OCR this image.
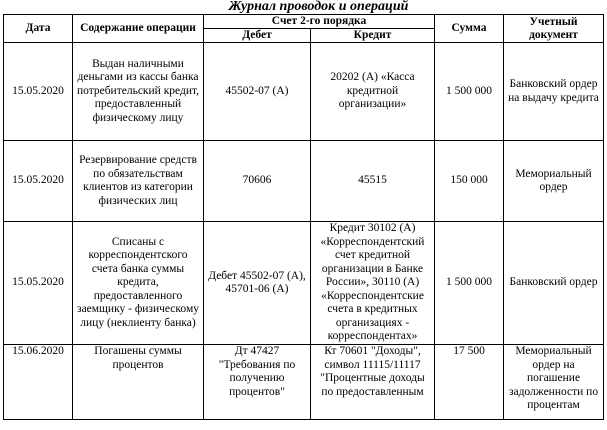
Журнал проводок и операций
Дата	Содержание операции	Счет 2-го порядка		Сумма	Учетный документ
		Дебет	Кредит		
15.05.2020	Выдан наличными деньгами из кассы банка потребительский кредит, предоставленный физическому лицу	45502-07 (А)	20202 (А) «Касса кредитной организации»	1 500 000	Банковский ордер на выдачу кредита
15.05.2020	Резервирование средств по обязательствам клиентов из категории физических лиц	70606	45515	150 000	Мемориальный ордер
15.05.2020	Списаны с корреспондентского счета банка суммы кредита, предоставленного заемщику - физическому лицу (неклиенту банка)	Дебет 45502-07 (А), 45701-06 (А)	Кредит 30102 (А) «Корреспондентский счет кредитной организации в Банке России», 30110 (А) «Корреспондентские счета в кредитных организациях - корреспондентах»	1 500 000	Банковский ордер
15.06.2020	Погашены суммы процентов	Дт 47427 "Требования по получению процентов"	Кт 70601 "Доходы", символ 11115/11117 "Процентные доходы по предоставленным	17 500	Мемориальный ордер на погашение задолженности по процентам
